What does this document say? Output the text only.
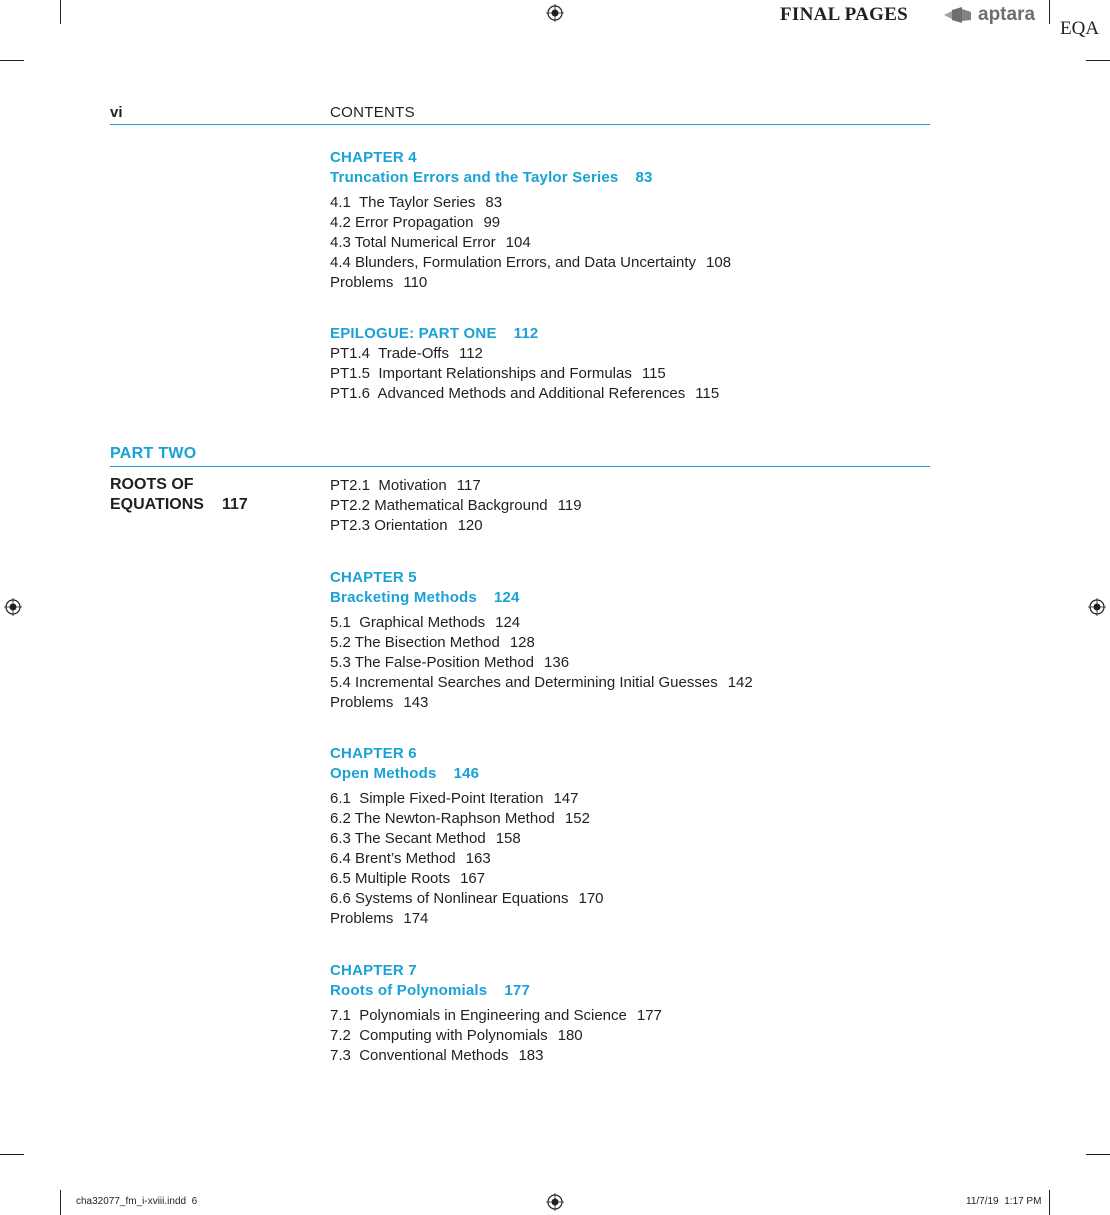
FINAL PAGES	aptara
EQA
vi	CONTENTS
CHAPTER 4
Truncation Errors and the Taylor Series 83
4.1 The Taylor Series 83
4.2 Error Propagation 99
4.3 Total Numerical Error 104
4.4 Blunders, Formulation Errors, and Data Uncertainty 108
Problems 110
EPILOGUE: PART ONE 112
PT1.4 Trade-Offs 112
PT1.5 Important Relationships and Formulas 115
PT1.6 Advanced Methods and Additional References 115
PART TWO
ROOTS OF
EQUATIONS 117
PT2.1 Motivation 117
PT2.2 Mathematical Background 119
PT2.3 Orientation 120
CHAPTER 5
Bracketing Methods 124
5.1 Graphical Methods 124
5.2 The Bisection Method 128
5.3 The False-Position Method 136
5.4 Incremental Searches and Determining Initial Guesses 142
Problems 143
CHAPTER 6
Open Methods 146
6.1 Simple Fixed-Point Iteration 147
6.2 The Newton-Raphson Method 152
6.3 The Secant Method 158
6.4 Brent’s Method 163
6.5 Multiple Roots 167
6.6 Systems of Nonlinear Equations 170
Problems 174
CHAPTER 7
Roots of Polynomials 177
7.1 Polynomials in Engineering and Science 177
7.2 Computing with Polynomials 180
7.3 Conventional Methods 183
cha32077_fm_i-xviii.indd 6	11/7/19 1:17 PM
